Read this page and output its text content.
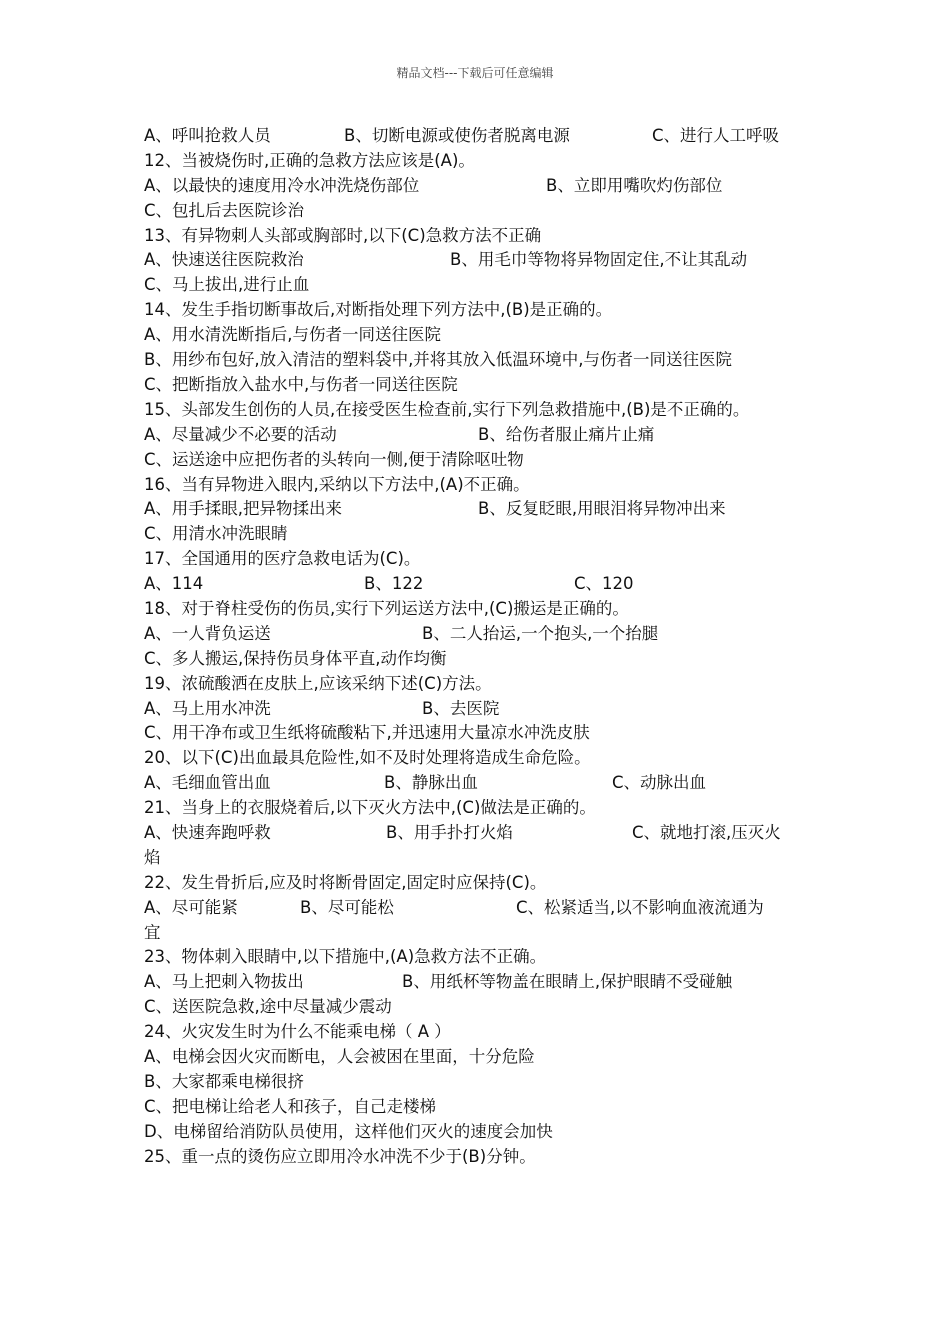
精品文档---下载后可任意编辑
A、呼叫抢救人员	B、切断电源或使伤者脱离电源	C、进行人工呼吸
12、当被烧伤时,正确的急救方法应该是(A)。
A、以最快的速度用冷水冲洗烧伤部位	B、立即用嘴吹灼伤部位
C、包扎后去医院诊治
13、有异物刺人头部或胸部时,以下(C)急救方法不正确
A、快速送往医院救治	B、用毛巾等物将异物固定住,不让其乱动
C、马上拔出,进行止血
14、发生手指切断事故后,对断指处理下列方法中,(B)是正确的。
A、用水清洗断指后,与伤者一同送往医院
B、用纱布包好,放入清洁的塑料袋中,并将其放入低温环境中,与伤者一同送往医院
C、把断指放入盐水中,与伤者一同送往医院
15、头部发生创伤的人员,在接受医生检查前,实行下列急救措施中,(B)是不正确的。
A、尽量减少不必要的活动	B、给伤者服止痛片止痛
C、运送途中应把伤者的头转向一侧,便于清除呕吐物
16、当有异物进入眼内,采纳以下方法中,(A)不正确。
A、用手揉眼,把异物揉出来	B、反复眨眼,用眼泪将异物冲出来
C、用清水冲洗眼睛
17、全国通用的医疗急救电话为(C)。
A、114	B、122	C、120
18、对于脊柱受伤的伤员,实行下列运送方法中,(C)搬运是正确的。
A、一人背负运送	B、二人抬运,一个抱头,一个抬腿
C、多人搬运,保持伤员身体平直,动作均衡
19、浓硫酸洒在皮肤上,应该采纳下述(C)方法。
A、马上用水冲洗	B、去医院
C、用干净布或卫生纸将硫酸粘下,并迅速用大量凉水冲洗皮肤
20、以下(C)出血最具危险性,如不及时处理将造成生命危险。
A、毛细血管出血	B、静脉出血	C、动脉出血
21、当身上的衣服烧着后,以下灭火方法中,(C)做法是正确的。
A、快速奔跑呼救	B、用手扑打火焰	C、就地打滚,压灭火
焰
22、发生骨折后,应及时将断骨固定,固定时应保持(C)。
A、尽可能紧	B、尽可能松	C、松紧适当,以不影响血液流通为
宜
23、物体刺入眼睛中,以下措施中,(A)急救方法不正确。
A、马上把刺入物拔出	B、用纸杯等物盖在眼睛上,保护眼睛不受碰触
C、送医院急救,途中尽量减少震动
24、火灾发生时为什么不能乘电梯（ A ）
A、电梯会因火灾而断电，人会被困在里面，十分危险
B、大家都乘电梯很挤
C、把电梯让给老人和孩子，自己走楼梯
D、电梯留给消防队员使用，这样他们灭火的速度会加快
25、重一点的烫伤应立即用冷水冲洗不少于(B)分钟。
